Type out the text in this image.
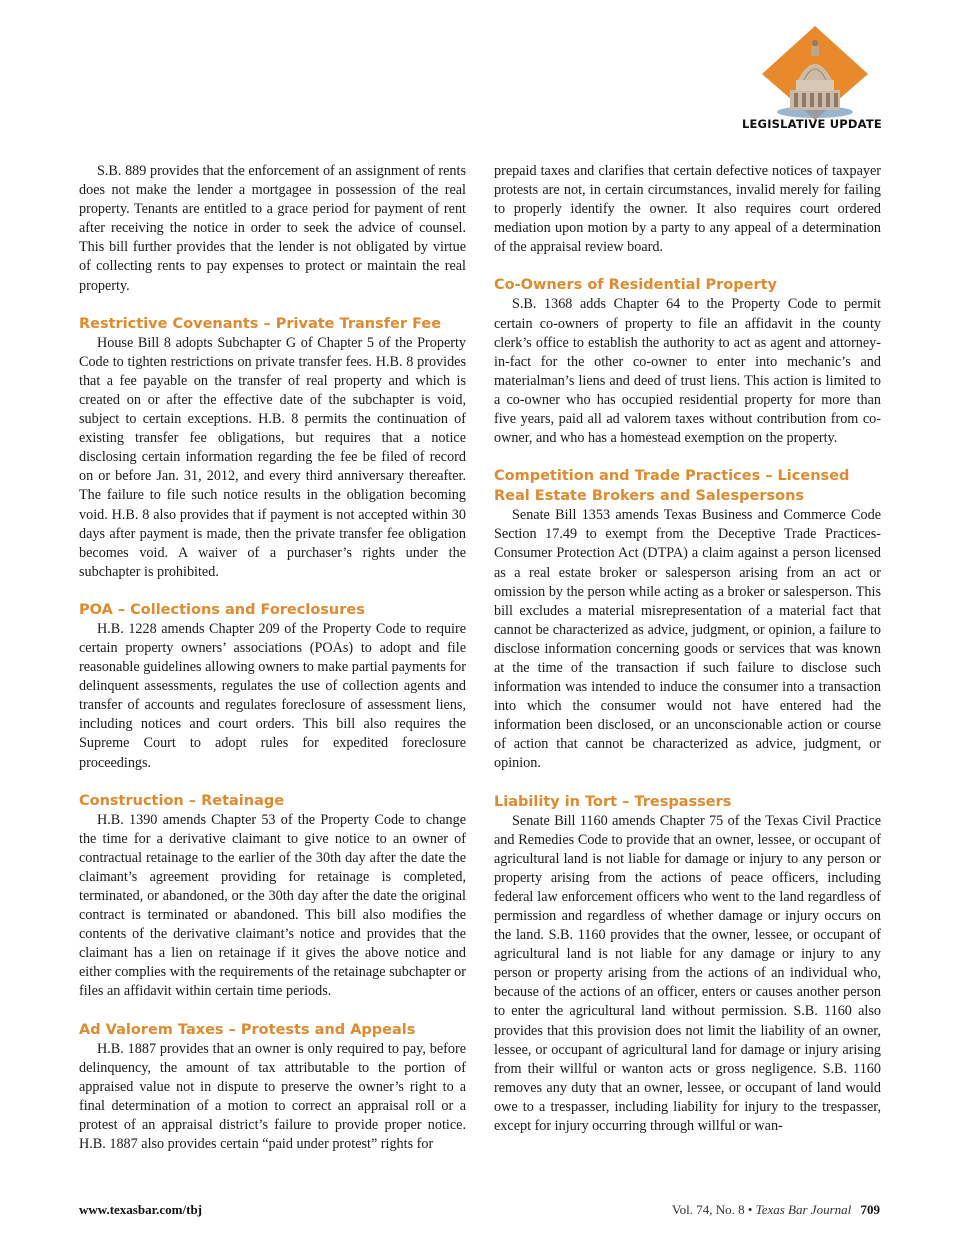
LEGISLATIVE UPDATE

S.B. 889 provides that the enforcement of an assignment of rents does not make the lender a mortgagee in possession of the real property. Tenants are entitled to a grace period for payment of rent after receiving the notice in order to seek the advice of counsel. This bill further provides that the lender is not obligated by virtue of collecting rents to pay expenses to protect or maintain the real property.

Restrictive Covenants – Private Transfer Fee

House Bill 8 adopts Subchapter G of Chapter 5 of the Property Code to tighten restrictions on private transfer fees. H.B. 8 provides that a fee payable on the transfer of real property and which is created on or after the effective date of the subchapter is void, subject to certain exceptions. H.B. 8 permits the continuation of existing transfer fee obligations, but requires that a notice disclosing certain information regarding the fee be filed of record on or before Jan. 31, 2012, and every third anniversary thereafter. The failure to file such notice results in the obligation becoming void. H.B. 8 also provides that if payment is not accepted within 30 days after payment is made, then the private transfer fee obligation becomes void. A waiver of a purchaser’s rights under the subchapter is prohibited.

POA – Collections and Foreclosures

H.B. 1228 amends Chapter 209 of the Property Code to require certain property owners’ associations (POAs) to adopt and file reasonable guidelines allowing owners to make partial payments for delinquent assessments, regulates the use of collection agents and transfer of accounts and regulates foreclosure of assessment liens, including notices and court orders. This bill also requires the Supreme Court to adopt rules for expedited foreclosure proceedings.

Construction – Retainage

H.B. 1390 amends Chapter 53 of the Property Code to change the time for a derivative claimant to give notice to an owner of contractual retainage to the earlier of the 30th day after the date the claimant’s agreement providing for retainage is completed, terminated, or abandoned, or the 30th day after the date the original contract is terminated or abandoned. This bill also modifies the contents of the derivative claimant’s notice and provides that the claimant has a lien on retainage if it gives the above notice and either complies with the requirements of the retainage subchapter or files an affidavit within certain time periods.

Ad Valorem Taxes – Protests and Appeals

H.B. 1887 provides that an owner is only required to pay, before delinquency, the amount of tax attributable to the portion of appraised value not in dispute to preserve the owner’s right to a final determination of a motion to correct an appraisal roll or a protest of an appraisal district’s failure to provide proper notice. H.B. 1887 also provides certain “paid under protest” rights for

prepaid taxes and clarifies that certain defective notices of taxpayer protests are not, in certain circumstances, invalid merely for failing to properly identify the owner. It also requires court ordered mediation upon motion by a party to any appeal of a determination of the appraisal review board.

Co-Owners of Residential Property

S.B. 1368 adds Chapter 64 to the Property Code to permit certain co-owners of property to file an affidavit in the county clerk’s office to establish the authority to act as agent and attorney-in-fact for the other co-owner to enter into mechanic’s and materialman’s liens and deed of trust liens. This action is limited to a co-owner who has occupied residential property for more than five years, paid all ad valorem taxes without contribution from co-owner, and who has a homestead exemption on the property.

Competition and Trade Practices – Licensed Real Estate Brokers and Salespersons

Senate Bill 1353 amends Texas Business and Commerce Code Section 17.49 to exempt from the Deceptive Trade Practices-Consumer Protection Act (DTPA) a claim against a person licensed as a real estate broker or salesperson arising from an act or omission by the person while acting as a broker or salesperson. This bill excludes a material misrepresentation of a material fact that cannot be characterized as advice, judgment, or opinion, a failure to disclose information concerning goods or services that was known at the time of the transaction if such failure to disclose such information was intended to induce the consumer into a transaction into which the consumer would not have entered had the information been disclosed, or an unconscionable action or course of action that cannot be characterized as advice, judgment, or opinion.

Liability in Tort – Trespassers

Senate Bill 1160 amends Chapter 75 of the Texas Civil Practice and Remedies Code to provide that an owner, lessee, or occupant of agricultural land is not liable for damage or injury to any person or property arising from the actions of peace officers, including federal law enforcement officers who went to the land regardless of permission and regardless of whether damage or injury occurs on the land. S.B. 1160 provides that the owner, lessee, or occupant of agricultural land is not liable for any damage or injury to any person or property arising from the actions of an individual who, because of the actions of an officer, enters or causes another person to enter the agricultural land without permission. S.B. 1160 also provides that this provision does not limit the liability of an owner, lessee, or occupant of agricultural land for damage or injury arising from their willful or wanton acts or gross negligence. S.B. 1160 removes any duty that an owner, lessee, or occupant of land would owe to a trespasser, including liability for injury to the trespasser, except for injury occurring through willful or wan-

www.texasbar.com/tbj	Vol. 74, No. 8 • Texas Bar Journal 709
